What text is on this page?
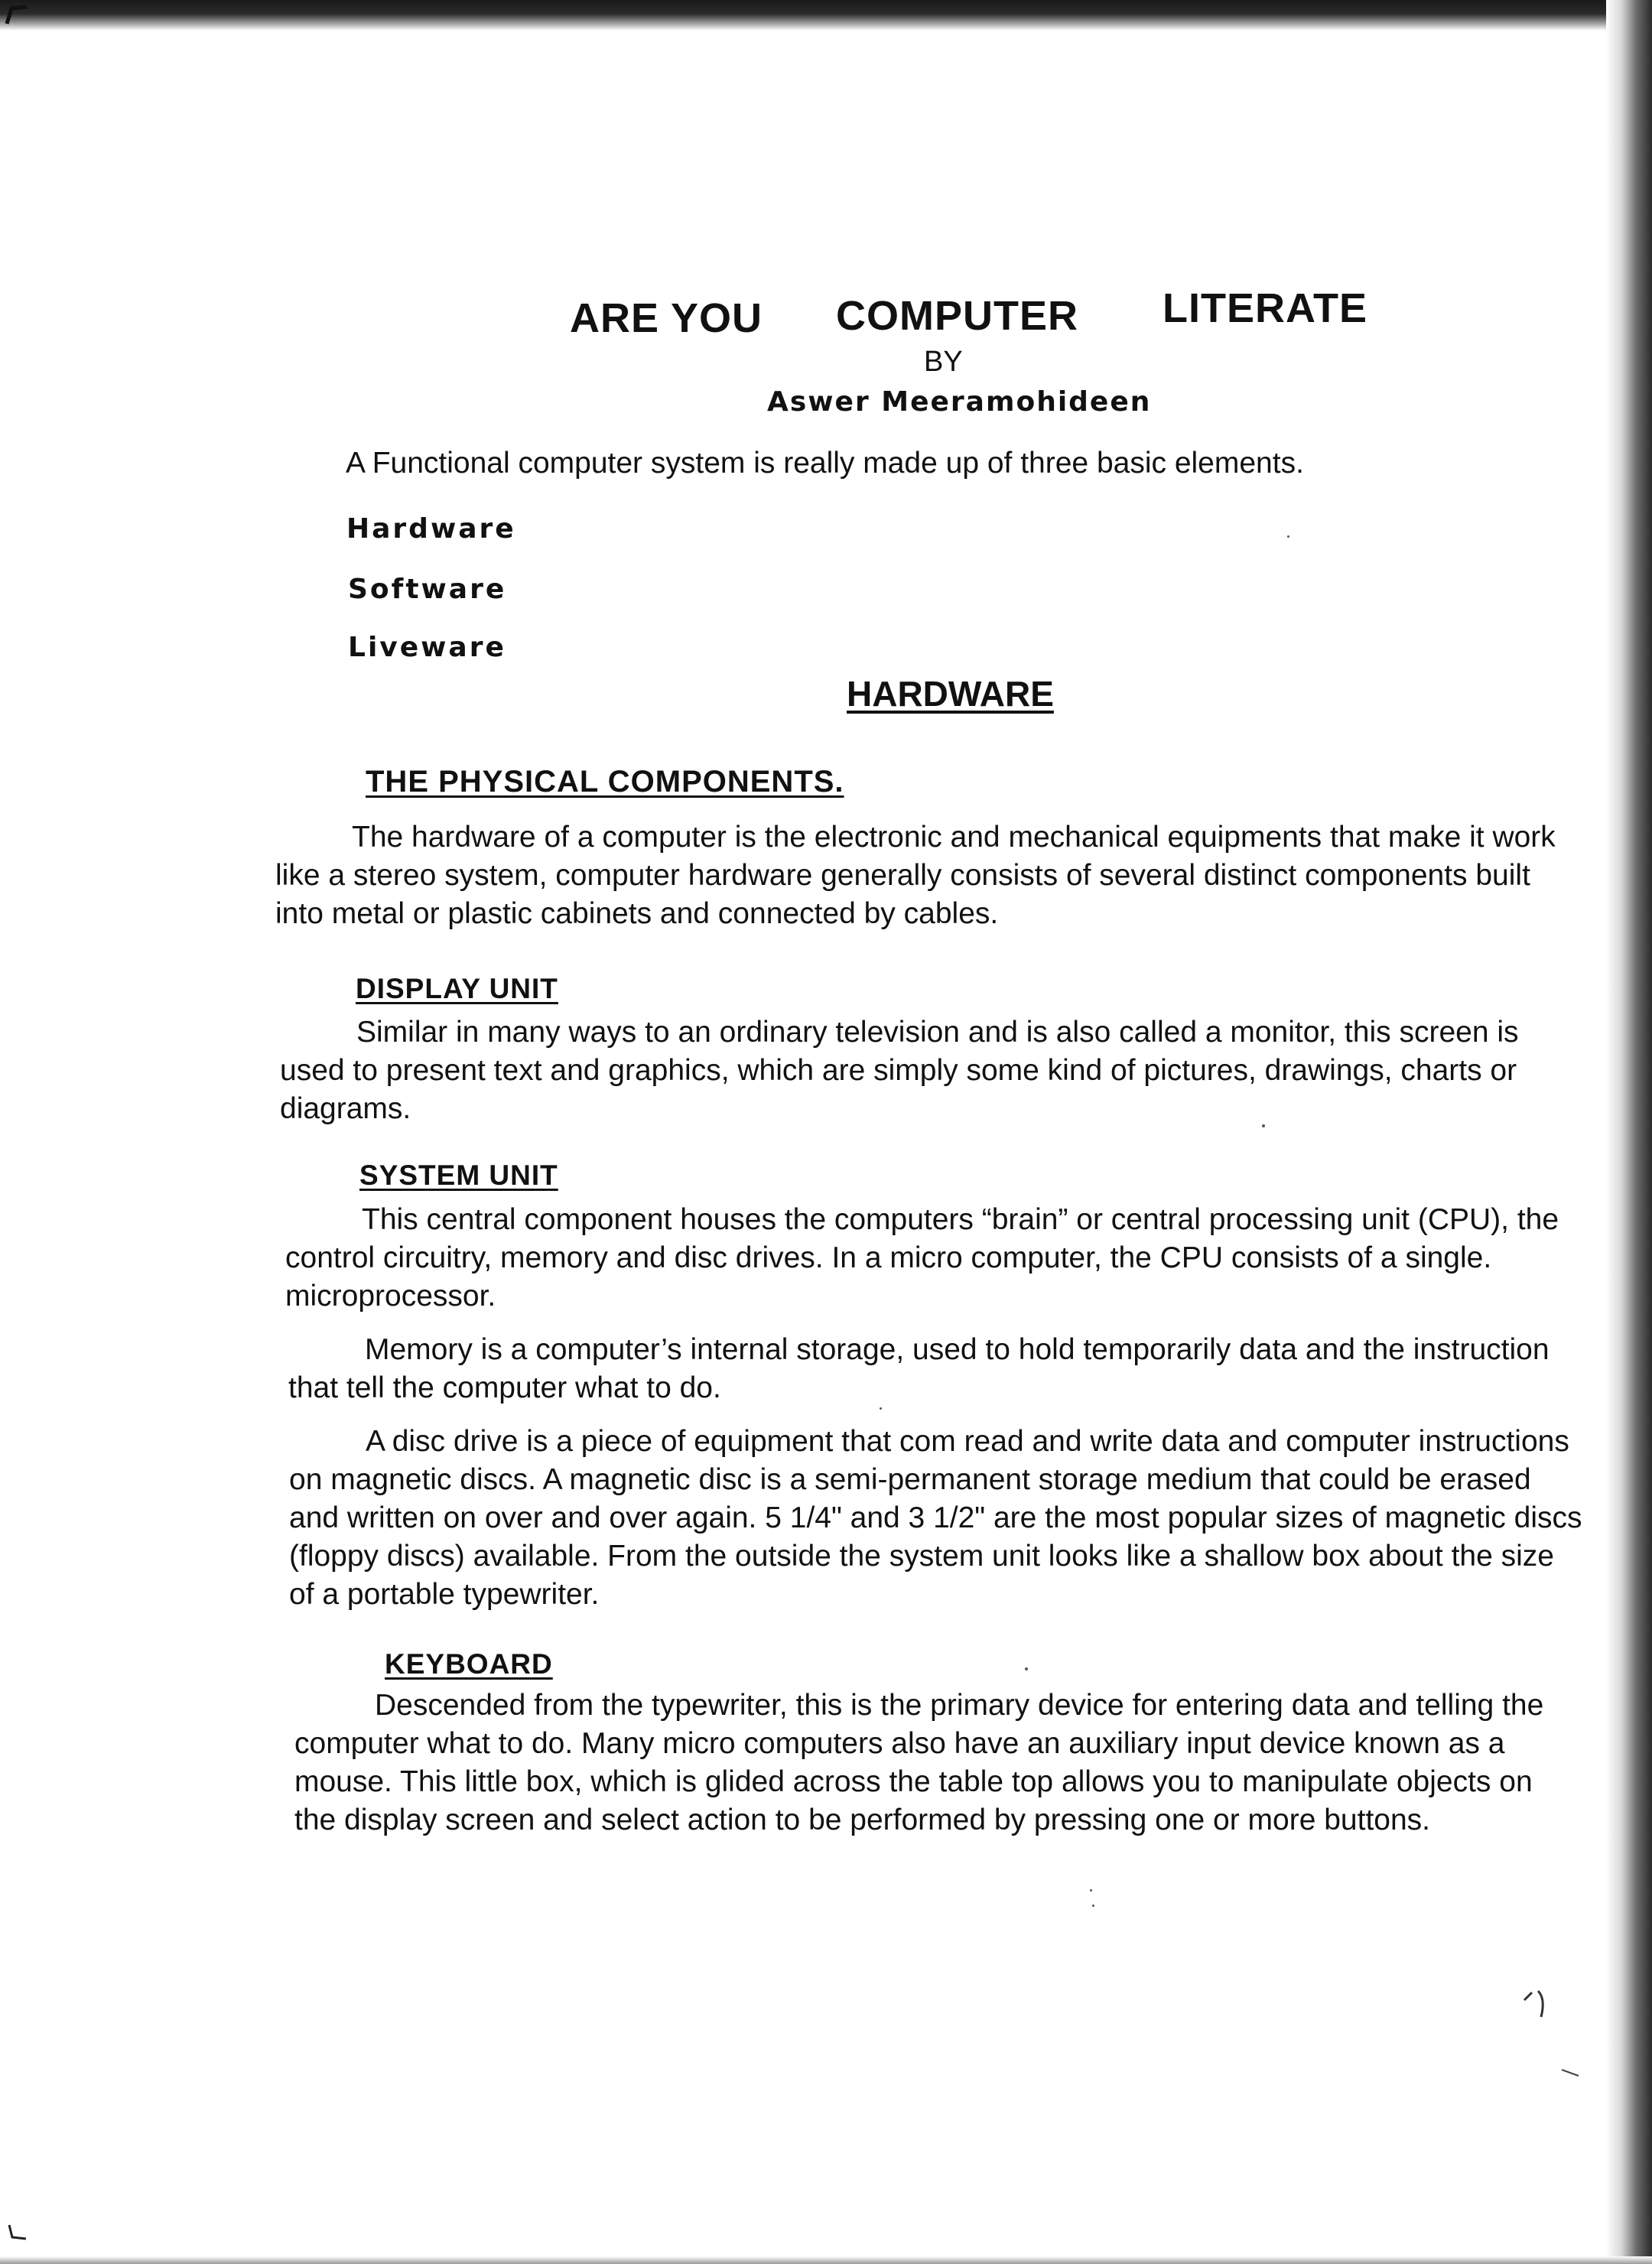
ARE YOU COMPUTER LITERATE
BY
Aswer Meeramohideen
A Functional computer system is really made up of three basic elements.
Hardware
Software
Liveware
HARDWARE
THE PHYSICAL COMPONENTS.
The hardware of a computer is the electronic and mechanical equipments that make it work
like a stereo system, computer hardware generally consists of several distinct components built
into metal or plastic cabinets and connected by cables.
DISPLAY UNIT
Similar in many ways to an ordinary television and is also called a monitor, this screen is
used to present text and graphics, which are simply some kind of pictures, drawings, charts or
diagrams.
SYSTEM UNIT
This central component houses the computers “brain” or central processing unit (CPU), the
control circuitry, memory and disc drives. In a micro computer, the CPU consists of a single.
microprocessor.
Memory is a computer’s internal storage, used to hold temporarily data and the instruction
that tell the computer what to do.
A disc drive is a piece of equipment that com read and write data and computer instructions
on magnetic discs. A magnetic disc is a semi-permanent storage medium that could be erased
and written on over and over again. 5 1/4" and 3 1/2" are the most popular sizes of magnetic discs
(floppy discs) available. From the outside the system unit looks like a shallow box about the size
of a portable typewriter.
KEYBOARD
Descended from the typewriter, this is the primary device for entering data and telling the
computer what to do. Many micro computers also have an auxiliary input device known as a
mouse. This little box, which is glided across the table top allows you to manipulate objects on
the display screen and select action to be performed by pressing one or more buttons.
